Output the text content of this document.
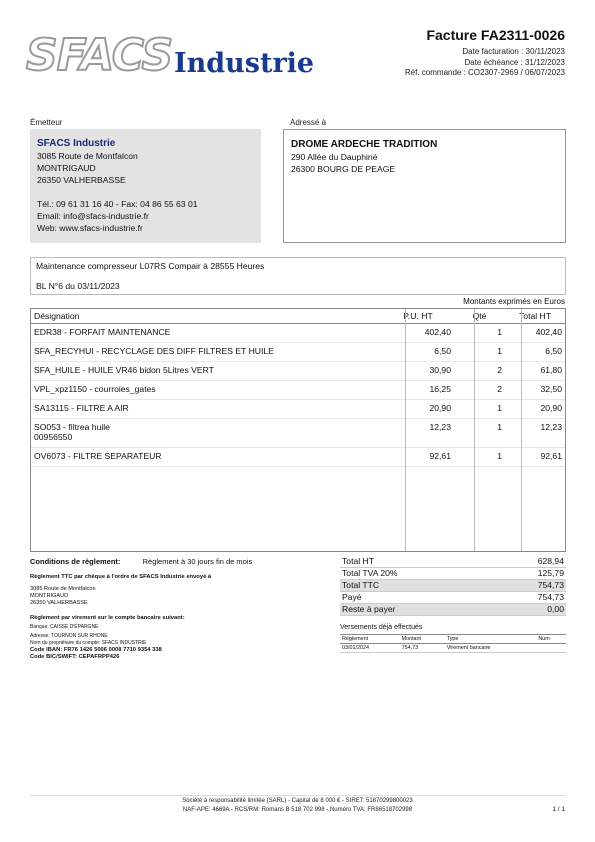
SFACS Industrie
Facture FA2311-0026
Date facturation : 30/11/2023
Date échéance : 31/12/2023
Réf. commande : CO2307-2969 / 06/07/2023
Émetteur	Adressé à
SFACS Industrie
3085 Route de Montfalcon
MONTRIGAUD
26350 VALHERBASSE
Tél.: 09 61 31 16 40 - Fax: 04 86 55 63 01
Email: info@sfacs-industrie.fr
Web: www.sfacs-industrie.fr
DROME ARDECHE TRADITION
290 Allée du Dauphiné
26300 BOURG DE PEAGE
Maintenance compresseur L07RS Compair à 28555 Heures
BL N°6 du 03/11/2023
Montants exprimés en Euros
Désignation	P.U. HT	Qté	Total HT

EDR38 - FORFAIT MAINTENANCE	402,40	1	402,40

SFA_RECYHUI - RECYCLAGE DES DIFF FILTRES ET HUILE	6,50	1	6,50

SFA_HUILE - HUILE VR46 bidon 5Litres VERT	30,90	2	61,80

VPL_xpz1150 - courroies_gates	16,25	2	32,50

SA13115 - FILTRE A AIR	20,90	1	20,90

SO053 - filtrea huile
00956550	12,23	1	12,23

OV6073 - FILTRE SEPARATEUR	92,61	1	92,61
Conditions de règlement:	Règlement à 30 jours fin de mois
Règlement TTC par chèque à l'ordre de SFACS Industrie envoyé à
3085 Route de Montfalcon
MONTRIGAUD
26350 VALHERBASSE
Règlement par virement sur le compte bancaire suivant:
Banque: CAISSE D'EPARGNE
Adresse: TOURNON SUR RHONE
Nom du propriétaire du compte: SFACS INDUSTRIE
Code IBAN: FR76 1426 5006 0008 7710 9354 338
Code BIC/SWIFT: CEPAFRPP426
Total HT	628,94
Total TVA 20%	125,79
Total TTC	754,73
Payé	754,73
Reste à payer	0,00
Versements déjà effectués
Règlement	Montant	Type	Num
03/01/2024	754,73	Virement bancaire	
Société à responsabilité limitée (SARL) - Capital de 8 000 € - SIRET: 51870299800023
NAF-APE: 4669A - RCS/RM: Romans B 518 702 998 - Numéro TVA: FR86518702998	1 / 1
